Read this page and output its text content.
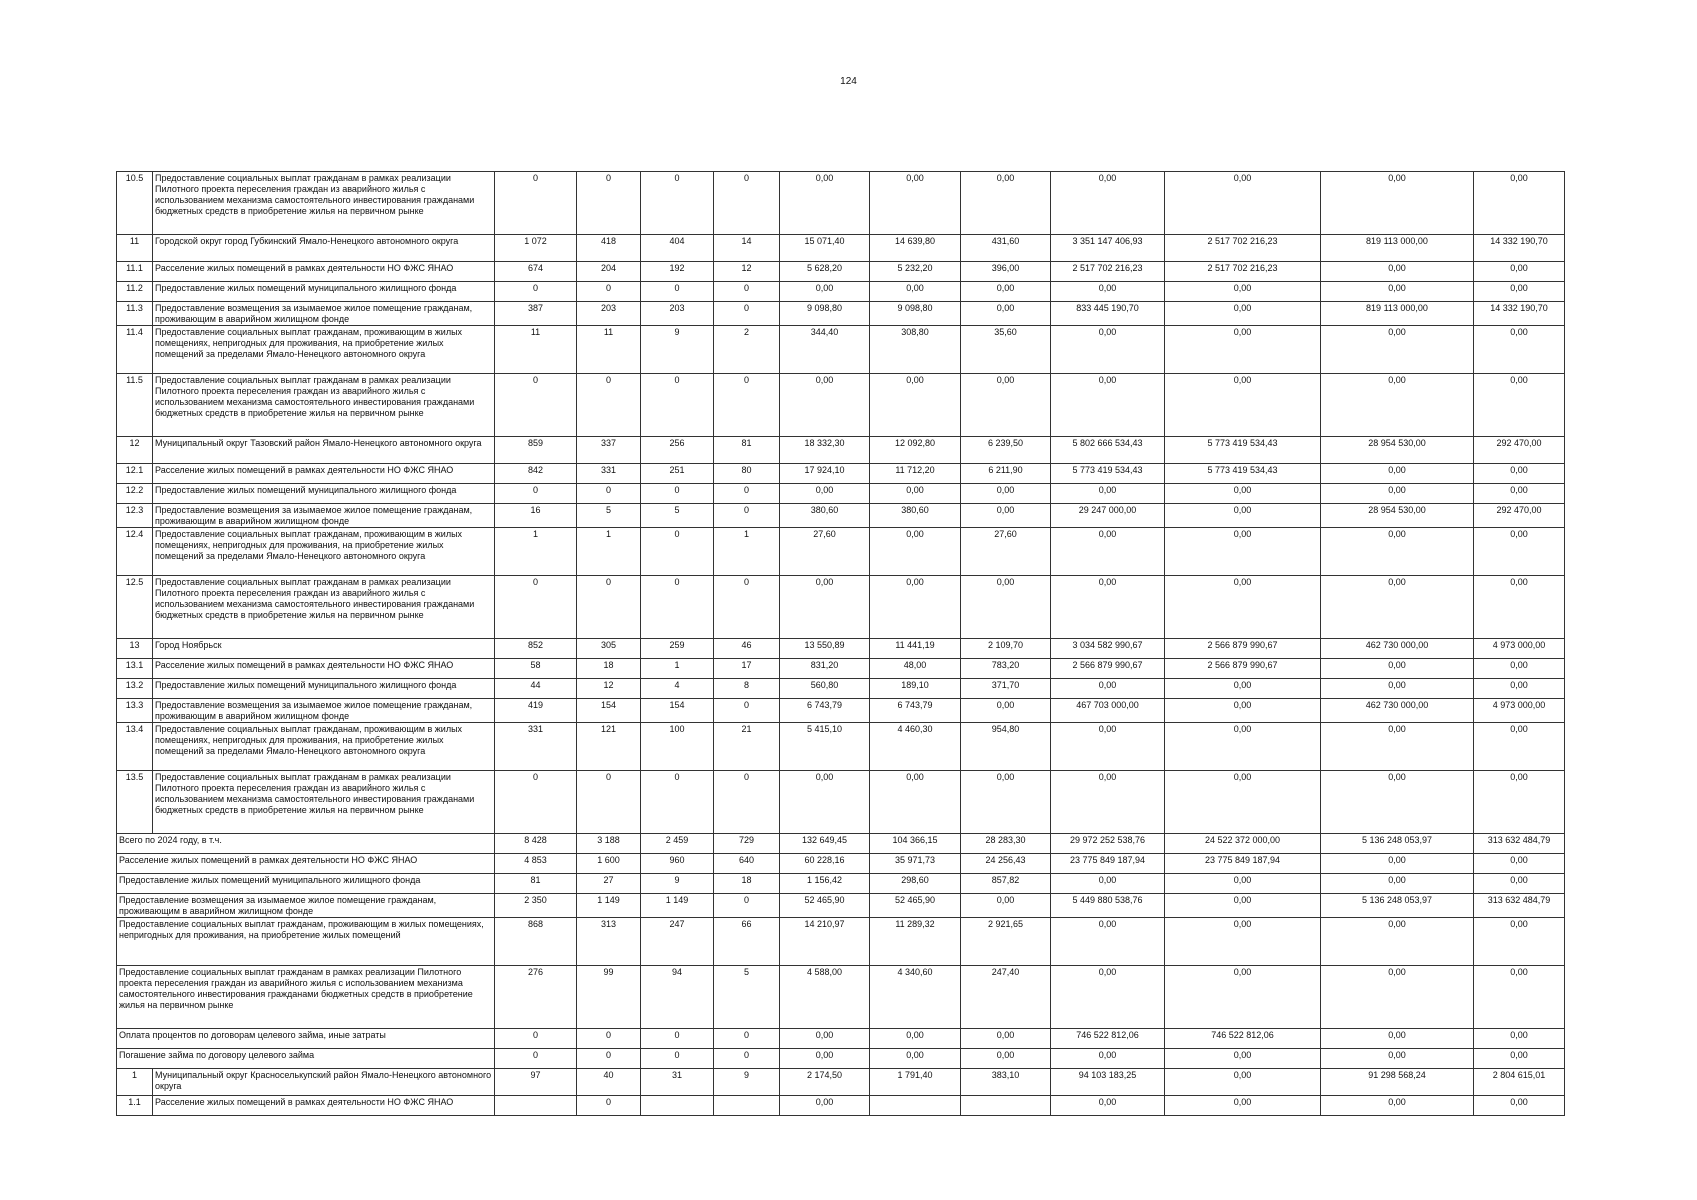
124
10.5	Предоставление социальных выплат гражданам в рамках реализации Пилотного проекта переселения граждан из аварийного жилья с использованием механизма самостоятельного инвестирования гражданами бюджетных средств в приобретение жилья на первичном рынке	0	0	0	0	0,00	0,00	0,00	0,00	0,00	0,00	0,00
11	Городской округ город Губкинский Ямало-Ненецкого автономного округа	1 072	418	404	14	15 071,40	14 639,80	431,60	3 351 147 406,93	2 517 702 216,23	819 113 000,00	14 332 190,70
11.1	Расселение жилых помещений в рамках деятельности НО ФЖС ЯНАО	674	204	192	12	5 628,20	5 232,20	396,00	2 517 702 216,23	2 517 702 216,23	0,00	0,00
11.2	Предоставление жилых помещений муниципального жилищного фонда	0	0	0	0	0,00	0,00	0,00	0,00	0,00	0,00	0,00
11.3	Предоставление возмещения за изымаемое жилое помещение гражданам, проживающим в аварийном жилищном фонде	387	203	203	0	9 098,80	9 098,80	0,00	833 445 190,70	0,00	819 113 000,00	14 332 190,70
11.4	Предоставление социальных выплат гражданам, проживающим в жилых помещениях, непригодных для проживания, на приобретение жилых помещений за пределами Ямало-Ненецкого автономного округа	11	11	9	2	344,40	308,80	35,60	0,00	0,00	0,00	0,00
11.5	Предоставление социальных выплат гражданам в рамках реализации Пилотного проекта переселения граждан из аварийного жилья с использованием механизма самостоятельного инвестирования гражданами бюджетных средств в приобретение жилья на первичном рынке	0	0	0	0	0,00	0,00	0,00	0,00	0,00	0,00	0,00
12	Муниципальный округ Тазовский район Ямало-Ненецкого автономного округа	859	337	256	81	18 332,30	12 092,80	6 239,50	5 802 666 534,43	5 773 419 534,43	28 954 530,00	292 470,00
12.1	Расселение жилых помещений в рамках деятельности НО ФЖС ЯНАО	842	331	251	80	17 924,10	11 712,20	6 211,90	5 773 419 534,43	5 773 419 534,43	0,00	0,00
12.2	Предоставление жилых помещений муниципального жилищного фонда	0	0	0	0	0,00	0,00	0,00	0,00	0,00	0,00	0,00
12.3	Предоставление возмещения за изымаемое жилое помещение гражданам, проживающим в аварийном жилищном фонде	16	5	5	0	380,60	380,60	0,00	29 247 000,00	0,00	28 954 530,00	292 470,00
12.4	Предоставление социальных выплат гражданам, проживающим в жилых помещениях, непригодных для проживания, на приобретение жилых помещений за пределами Ямало-Ненецкого автономного округа	1	1	0	1	27,60	0,00	27,60	0,00	0,00	0,00	0,00
12.5	Предоставление социальных выплат гражданам в рамках реализации Пилотного проекта переселения граждан из аварийного жилья с использованием механизма самостоятельного инвестирования гражданами бюджетных средств в приобретение жилья на первичном рынке	0	0	0	0	0,00	0,00	0,00	0,00	0,00	0,00	0,00
13	Город Ноябрьск	852	305	259	46	13 550,89	11 441,19	2 109,70	3 034 582 990,67	2 566 879 990,67	462 730 000,00	4 973 000,00
13.1	Расселение жилых помещений в рамках деятельности НО ФЖС ЯНАО	58	18	1	17	831,20	48,00	783,20	2 566 879 990,67	2 566 879 990,67	0,00	0,00
13.2	Предоставление жилых помещений муниципального жилищного фонда	44	12	4	8	560,80	189,10	371,70	0,00	0,00	0,00	0,00
13.3	Предоставление возмещения за изымаемое жилое помещение гражданам, проживающим в аварийном жилищном фонде	419	154	154	0	6 743,79	6 743,79	0,00	467 703 000,00	0,00	462 730 000,00	4 973 000,00
13.4	Предоставление социальных выплат гражданам, проживающим в жилых помещениях, непригодных для проживания, на приобретение жилых помещений за пределами Ямало-Ненецкого автономного округа	331	121	100	21	5 415,10	4 460,30	954,80	0,00	0,00	0,00	0,00
13.5	Предоставление социальных выплат гражданам в рамках реализации Пилотного проекта переселения граждан из аварийного жилья с использованием механизма самостоятельного инвестирования гражданами бюджетных средств в приобретение жилья на первичном рынке	0	0	0	0	0,00	0,00	0,00	0,00	0,00	0,00	0,00
Всего по 2024 году, в т.ч.		8 428	3 188	2 459	729	132 649,45	104 366,15	28 283,30	29 972 252 538,76	24 522 372 000,00	5 136 248 053,97	313 632 484,79
Расселение жилых помещений в рамках деятельности НО ФЖС ЯНАО		4 853	1 600	960	640	60 228,16	35 971,73	24 256,43	23 775 849 187,94	23 775 849 187,94	0,00	0,00
Предоставление жилых помещений муниципального жилищного фонда		81	27	9	18	1 156,42	298,60	857,82	0,00	0,00	0,00	0,00
Предоставление возмещения за изымаемое жилое помещение гражданам, проживающим в аварийном жилищном фонде		2 350	1 149	1 149	0	52 465,90	52 465,90	0,00	5 449 880 538,76	0,00	5 136 248 053,97	313 632 484,79
Предоставление социальных выплат гражданам, проживающим в жилых помещениях, непригодных для проживания, на приобретение жилых помещений		868	313	247	66	14 210,97	11 289,32	2 921,65	0,00	0,00	0,00	0,00
Предоставление социальных выплат гражданам в рамках реализации Пилотного проекта переселения граждан из аварийного жилья с использованием механизма самостоятельного инвестирования гражданами бюджетных средств в приобретение жилья на первичном рынке		276	99	94	5	4 588,00	4 340,60	247,40	0,00	0,00	0,00	0,00
Оплата процентов по договорам целевого займа, иные затраты		0	0	0	0	0,00	0,00	0,00	746 522 812,06	746 522 812,06	0,00	0,00
Погашение займа по договору целевого займа		0	0	0	0	0,00	0,00	0,00	0,00	0,00	0,00	0,00
1	Муниципальный округ Красноселькупский район Ямало-Ненецкого автономного округа	97	40	31	9	2 174,50	1 791,40	383,10	94 103 183,25	0,00	91 298 568,24	2 804 615,01
1.1	Расселение жилых помещений в рамках деятельности НО ФЖС ЯНАО		0			0,00			0,00	0,00	0,00	0,00
